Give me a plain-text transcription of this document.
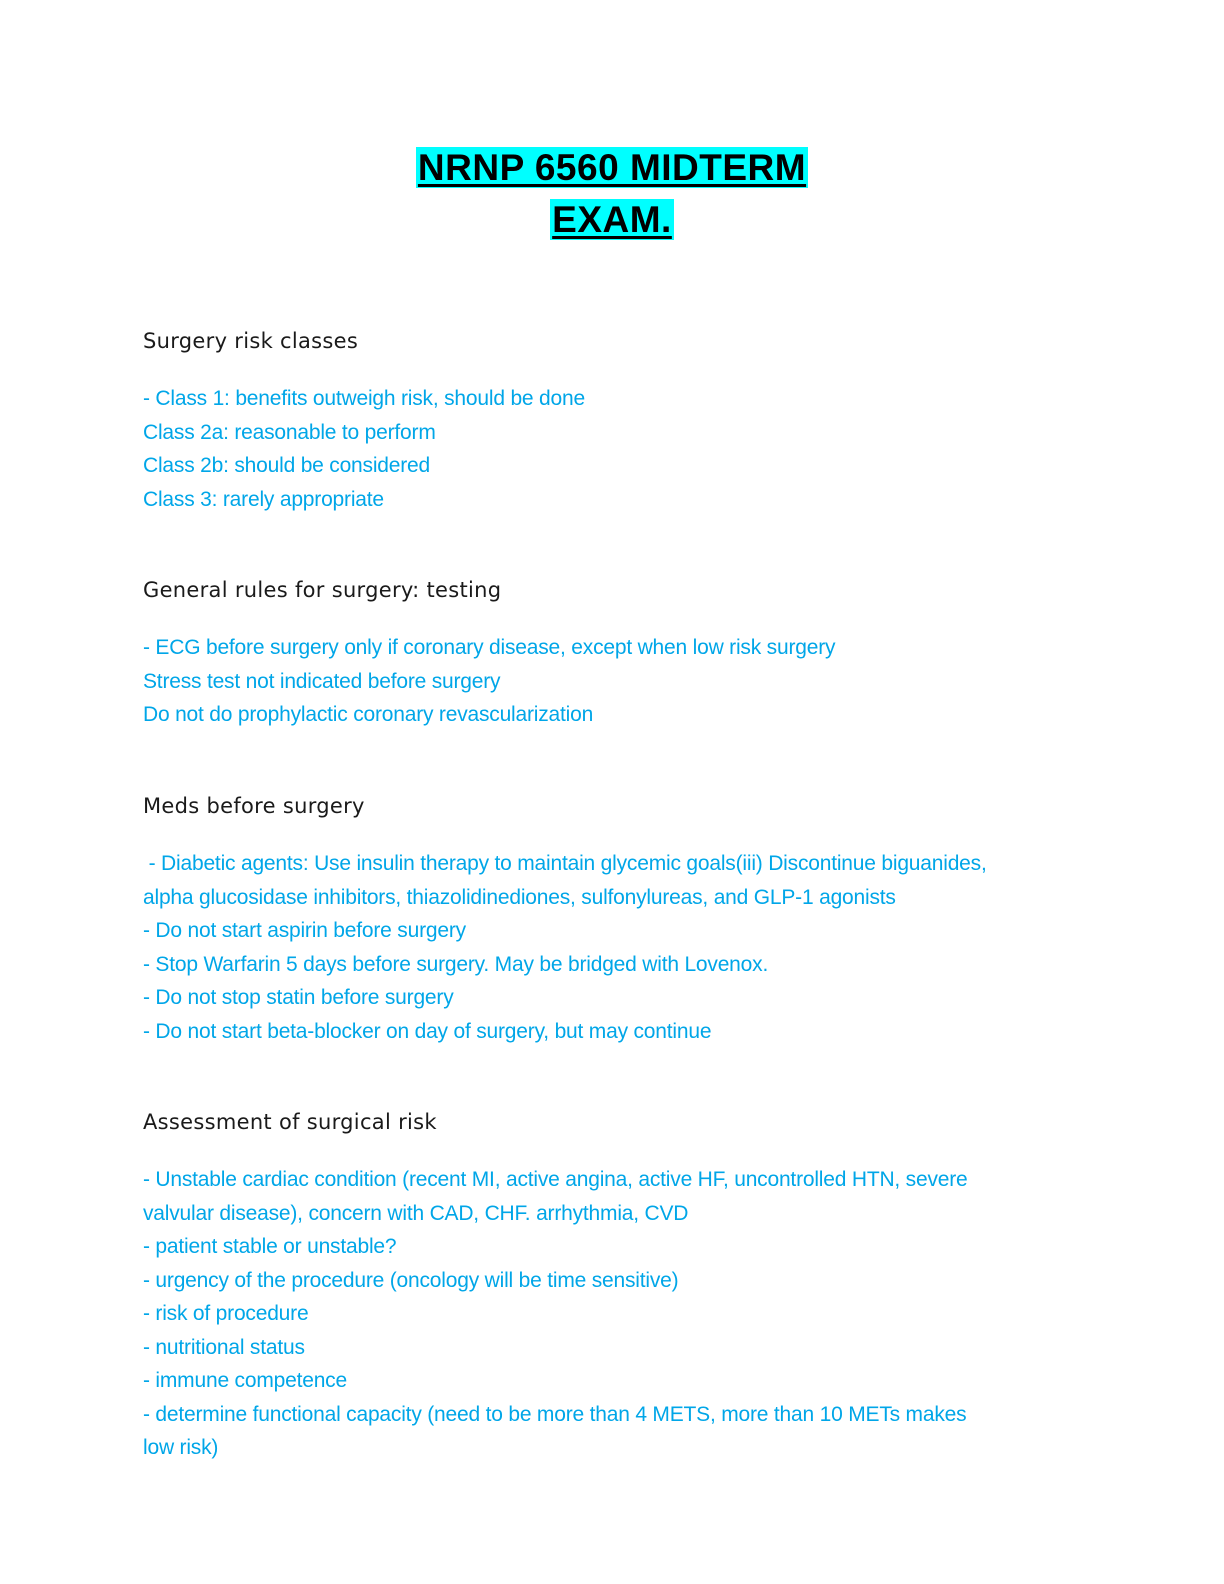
NRNP 6560 MIDTERM
EXAM.
Surgery risk classes
- Class 1: benefits outweigh risk, should be done
Class 2a: reasonable to perform
Class 2b: should be considered
Class 3: rarely appropriate
General rules for surgery: testing
- ECG before surgery only if coronary disease, except when low risk surgery
Stress test not indicated before surgery
Do not do prophylactic coronary revascularization
Meds before surgery
- Diabetic agents: Use insulin therapy to maintain glycemic goals(iii) Discontinue biguanides,
alpha glucosidase inhibitors, thiazolidinediones, sulfonylureas, and GLP-1 agonists
- Do not start aspirin before surgery
- Stop Warfarin 5 days before surgery. May be bridged with Lovenox.
- Do not stop statin before surgery
- Do not start beta-blocker on day of surgery, but may continue
Assessment of surgical risk
- Unstable cardiac condition (recent MI, active angina, active HF, uncontrolled HTN, severe
valvular disease), concern with CAD, CHF. arrhythmia, CVD
- patient stable or unstable?
- urgency of the procedure (oncology will be time sensitive)
- risk of procedure
- nutritional status
- immune competence
- determine functional capacity (need to be more than 4 METS, more than 10 METs makes
low risk)
